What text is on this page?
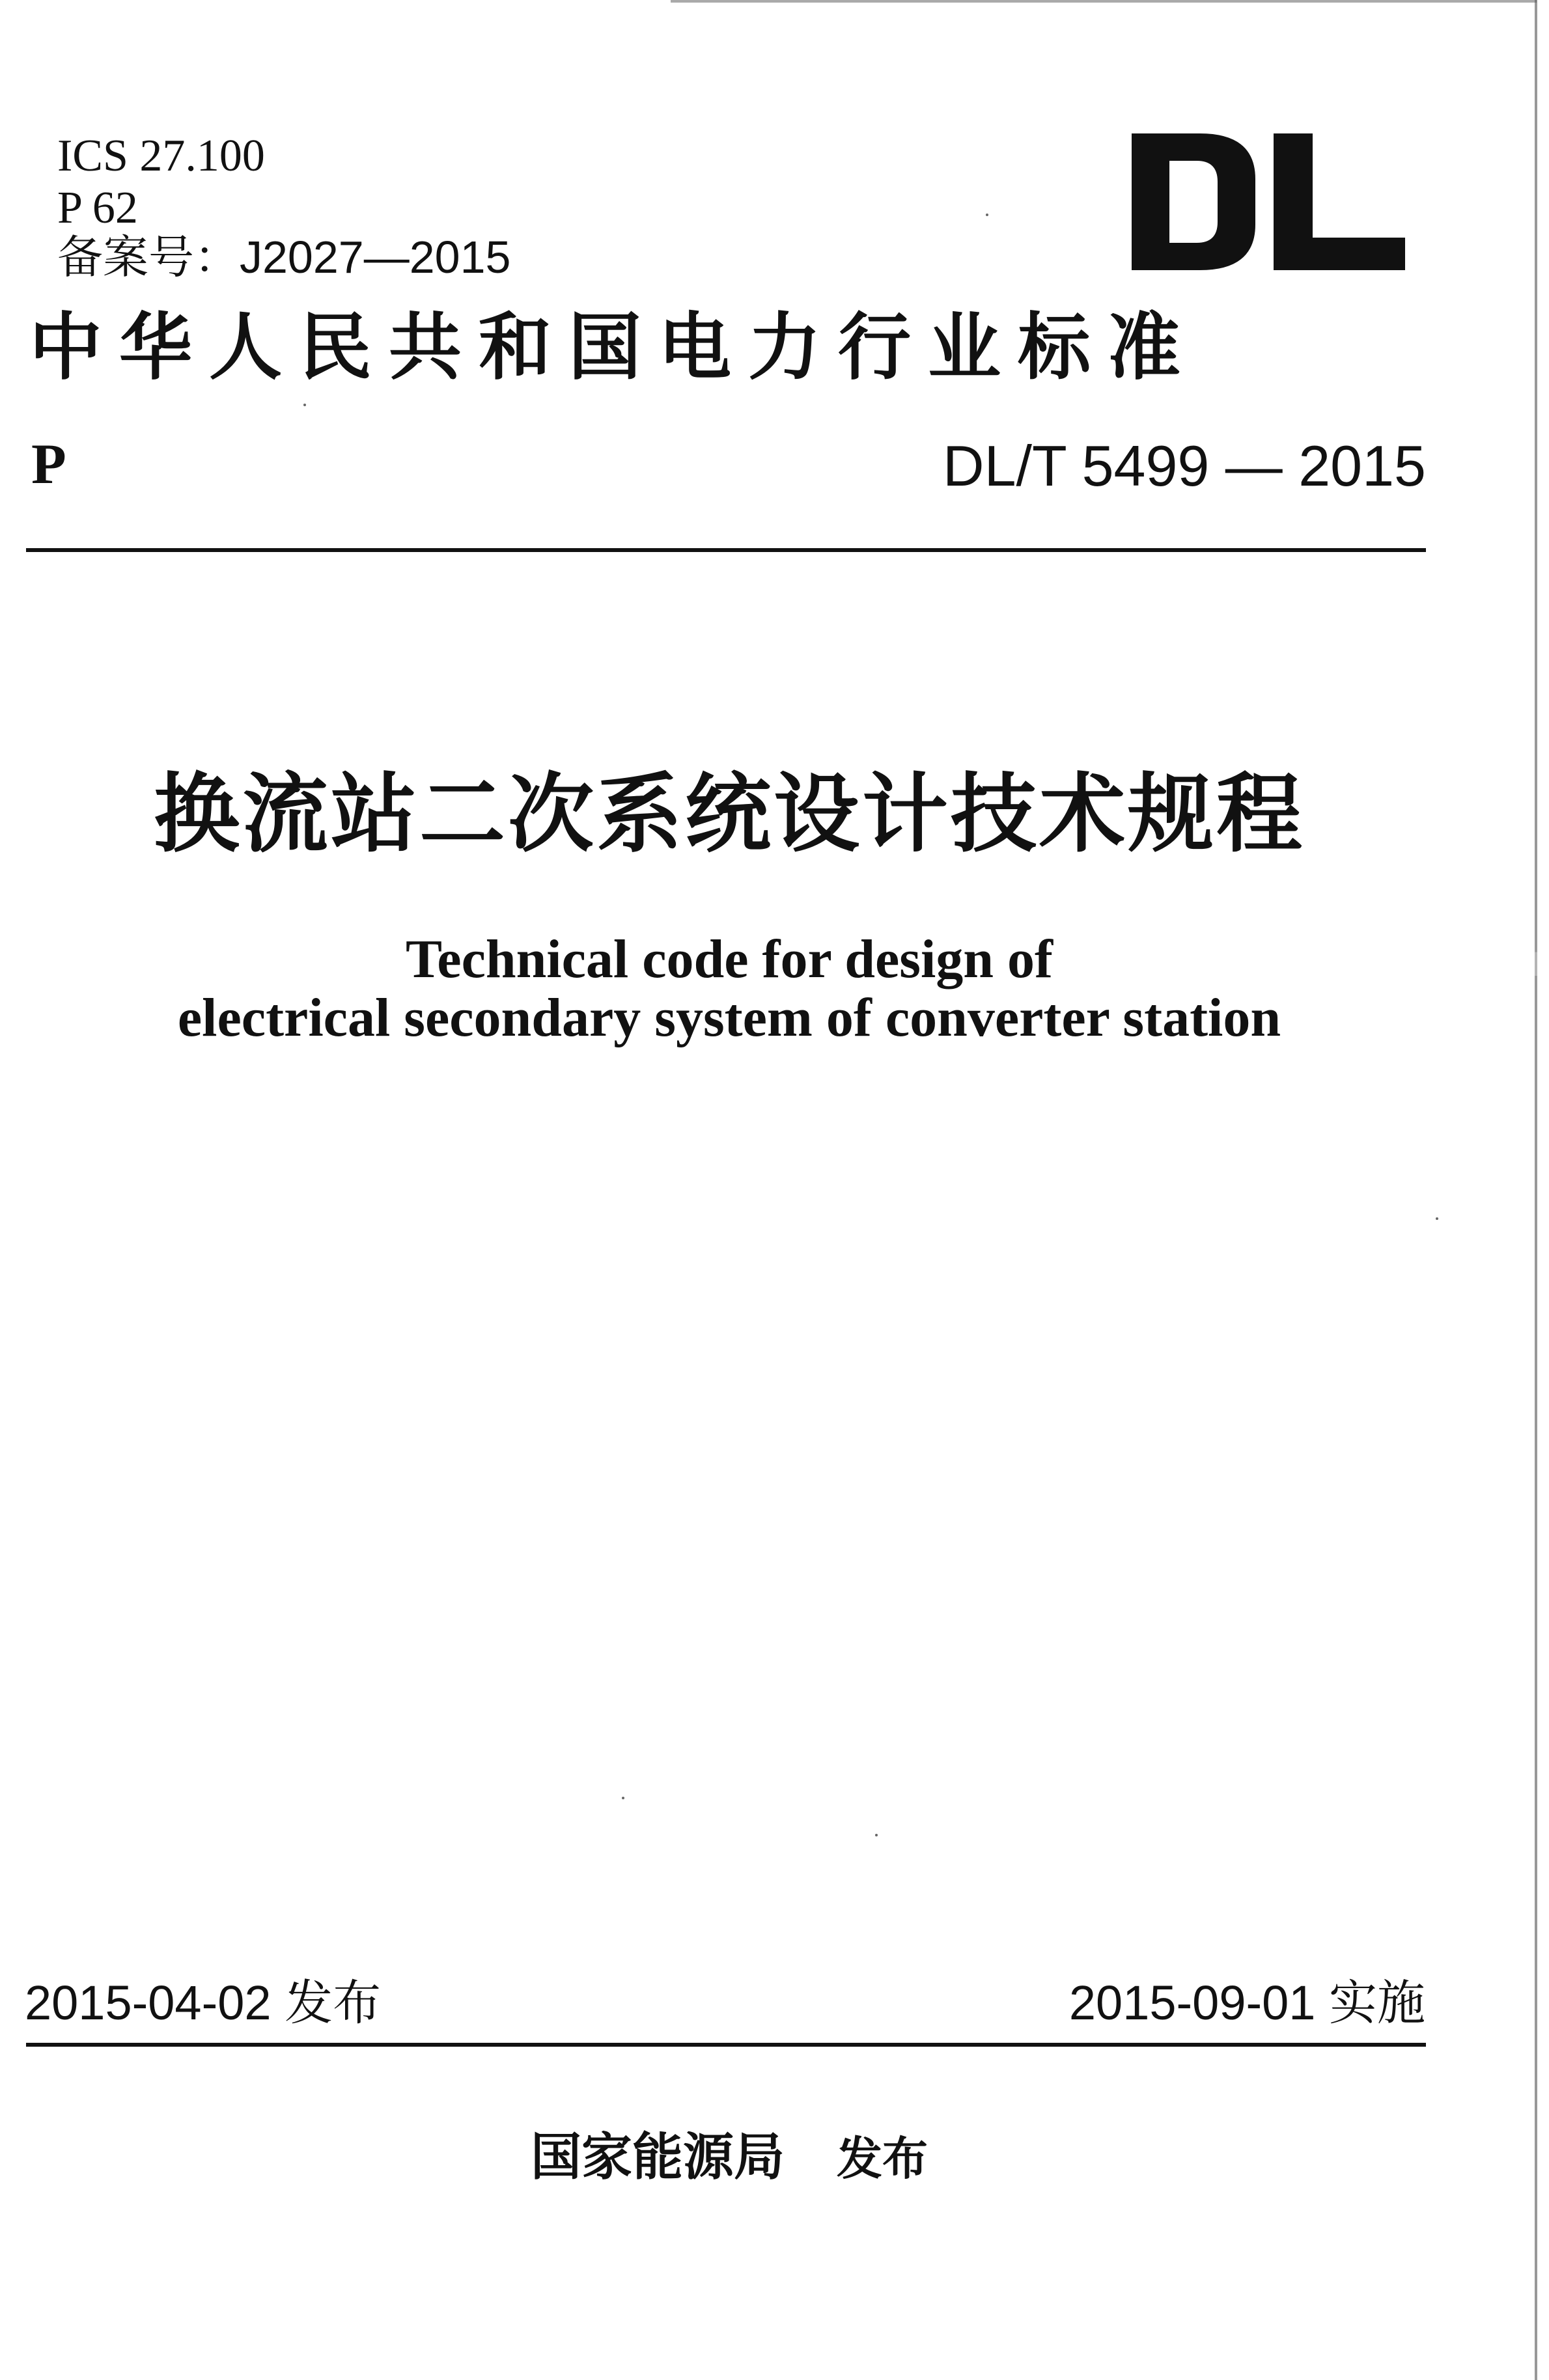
ICS 27.100
P 62
备案号：J2027—2015
中华人民共和国电力行业标准
P	DL/T 5499 — 2015
换流站二次系统设计技术规程
Technical code for design of
electrical secondary system of converter station
2015-04-02 发布	2015-09-01 实施
国家能源局 发布
